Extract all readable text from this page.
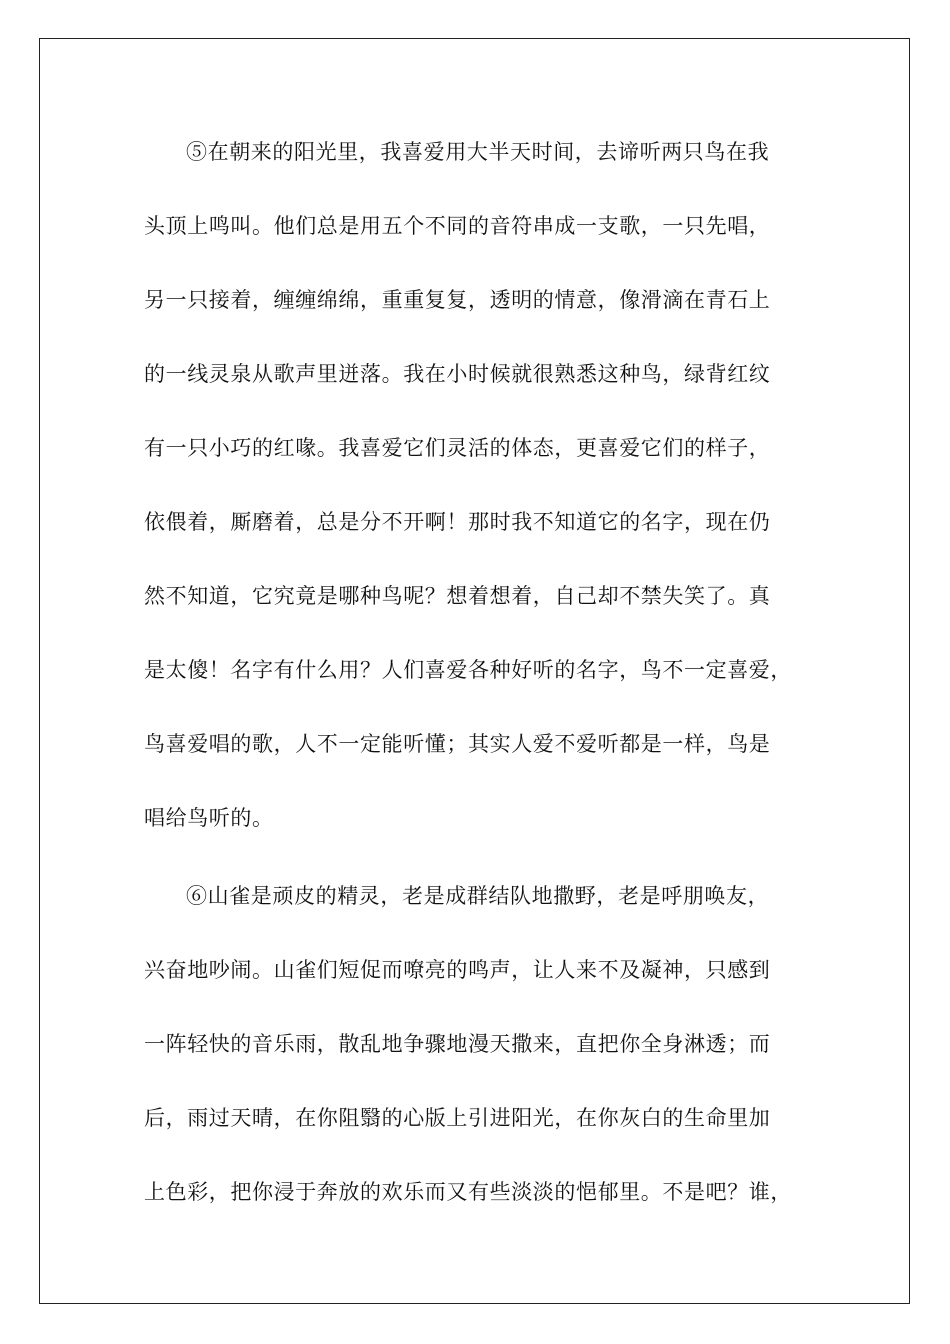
⑤在朝来的阳光里，我喜爱用大半天时间，去谛听两只鸟在我
头顶上鸣叫。他们总是用五个不同的音符串成一支歌，一只先唱，
另一只接着，缠缠绵绵，重重复复，透明的情意，像滑滴在青石上
的一线灵泉从歌声里迸落。我在小时候就很熟悉这种鸟，绿背红纹
有一只小巧的红喙。我喜爱它们灵活的体态，更喜爱它们的样子，
依偎着，厮磨着，总是分不开啊！那时我不知道它的名字，现在仍
然不知道，它究竟是哪种鸟呢？想着想着，自己却不禁失笑了。真
是太傻！名字有什么用？人们喜爱各种好听的名字，鸟不一定喜爱，
鸟喜爱唱的歌，人不一定能听懂；其实人爱不爱听都是一样，鸟是
唱给鸟听的。
⑥山雀是顽皮的精灵，老是成群结队地撒野，老是呼朋唤友，
兴奋地吵闹。山雀们短促而嘹亮的鸣声，让人来不及凝神，只感到
一阵轻快的音乐雨，散乱地争骤地漫天撒来，直把你全身淋透；而
后，雨过天晴，在你阻翳的心版上引进阳光，在你灰白的生命里加
上色彩，把你浸于奔放的欢乐而又有些淡淡的悒郁里。不是吧？谁，
